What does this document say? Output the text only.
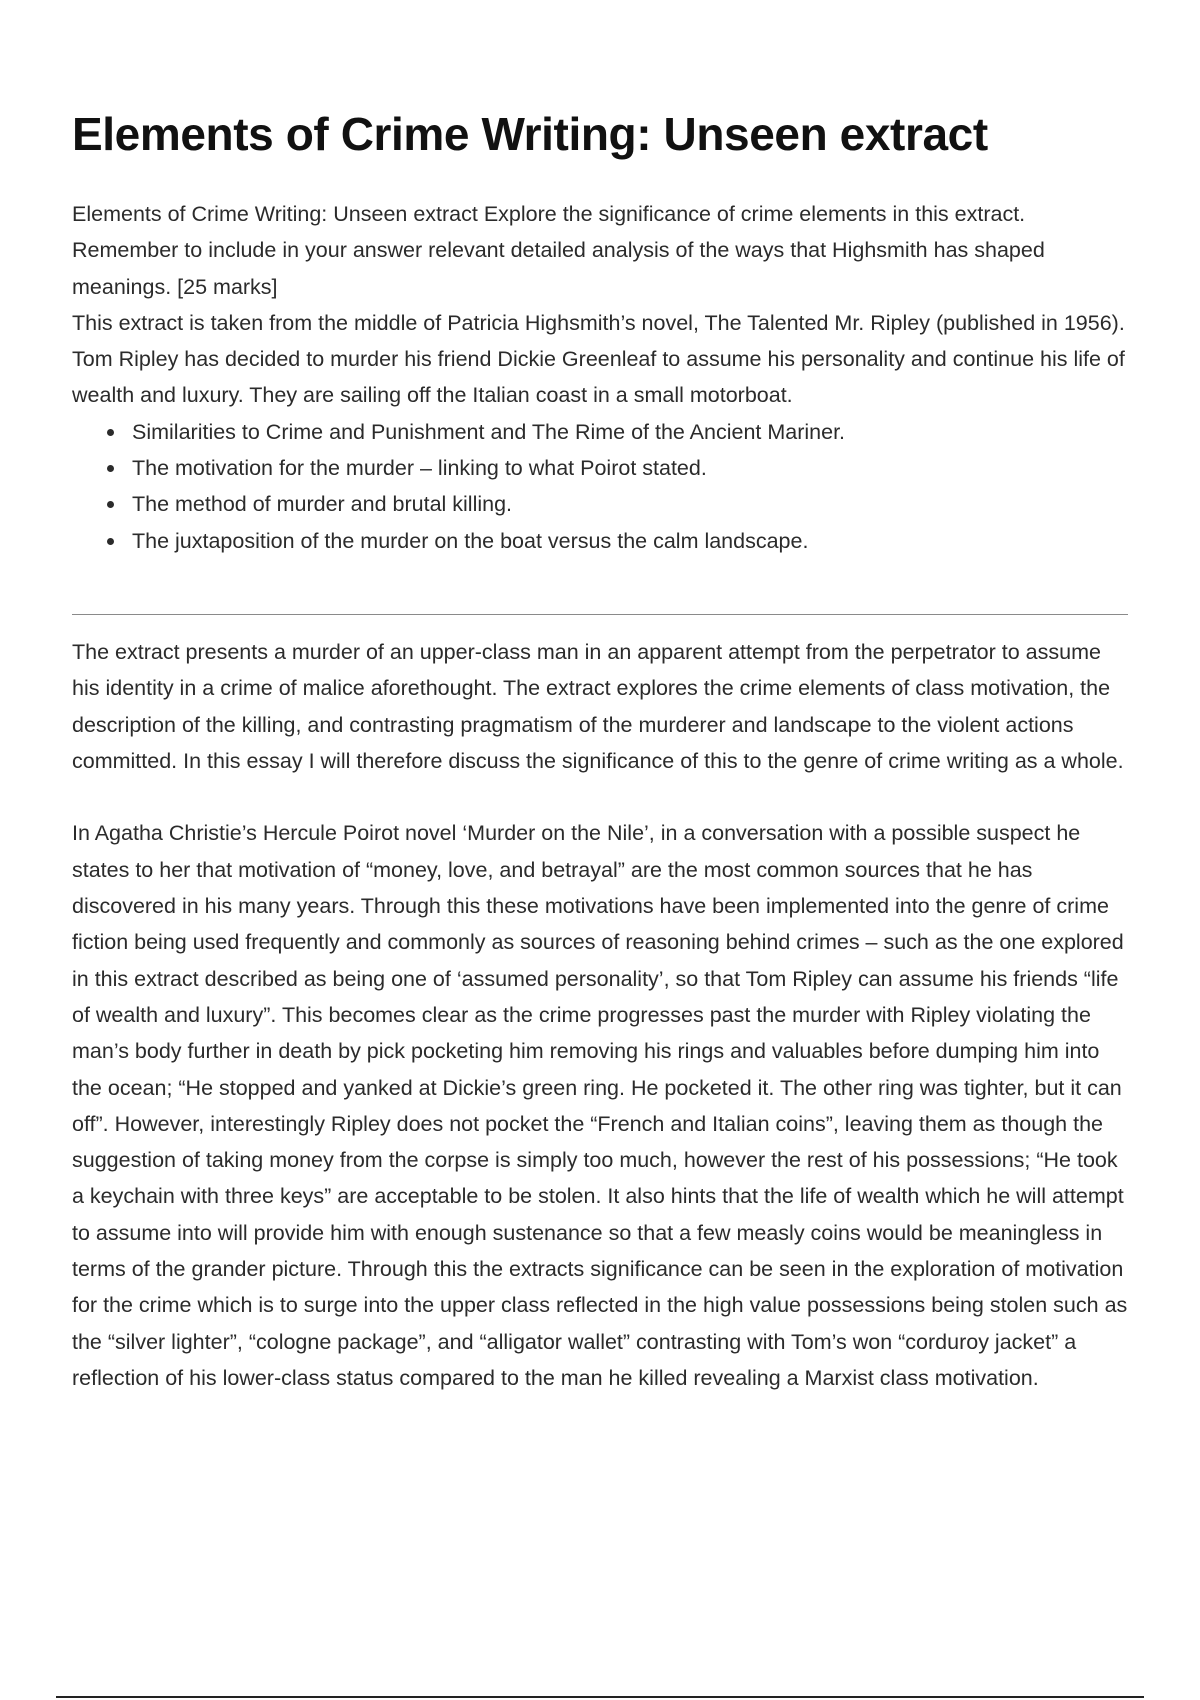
Elements of Crime Writing: Unseen extract

Elements of Crime Writing: Unseen extract Explore the significance of crime elements in this extract. Remember to include in your answer relevant detailed analysis of the ways that Highsmith has shaped meanings. [25 marks]

This extract is taken from the middle of Patricia Highsmith’s novel, The Talented Mr. Ripley (published in 1956). Tom Ripley has decided to murder his friend Dickie Greenleaf to assume his personality and continue his life of wealth and luxury. They are sailing off the Italian coast in a small motorboat.

Similarities to Crime and Punishment and The Rime of the Ancient Mariner.
The motivation for the murder – linking to what Poirot stated.
The method of murder and brutal killing.
The juxtaposition of the murder on the boat versus the calm landscape.

The extract presents a murder of an upper-class man in an apparent attempt from the perpetrator to assume his identity in a crime of malice aforethought. The extract explores the crime elements of class motivation, the description of the killing, and contrasting pragmatism of the murderer and landscape to the violent actions committed. In this essay I will therefore discuss the significance of this to the genre of crime writing as a whole.

In Agatha Christie’s Hercule Poirot novel ‘Murder on the Nile’, in a conversation with a possible suspect he states to her that motivation of “money, love, and betrayal” are the most common sources that he has discovered in his many years. Through this these motivations have been implemented into the genre of crime fiction being used frequently and commonly as sources of reasoning behind crimes – such as the one explored in this extract described as being one of ‘assumed personality’, so that Tom Ripley can assume his friends “life of wealth and luxury”. This becomes clear as the crime progresses past the murder with Ripley violating the man’s body further in death by pick pocketing him removing his rings and valuables before dumping him into the ocean; “He stopped and yanked at Dickie’s green ring. He pocketed it. The other ring was tighter, but it can off”. However, interestingly Ripley does not pocket the “French and Italian coins”, leaving them as though the suggestion of taking money from the corpse is simply too much, however the rest of his possessions; “He took a keychain with three keys” are acceptable to be stolen. It also hints that the life of wealth which he will attempt to assume into will provide him with enough sustenance so that a few measly coins would be meaningless in terms of the grander picture. Through this the extracts significance can be seen in the exploration of motivation for the crime which is to surge into the upper class reflected in the high value possessions being stolen such as the “silver lighter”, “cologne package”, and “alligator wallet” contrasting with Tom’s won “corduroy jacket” a reflection of his lower-class status compared to the man he killed revealing a Marxist class motivation.
